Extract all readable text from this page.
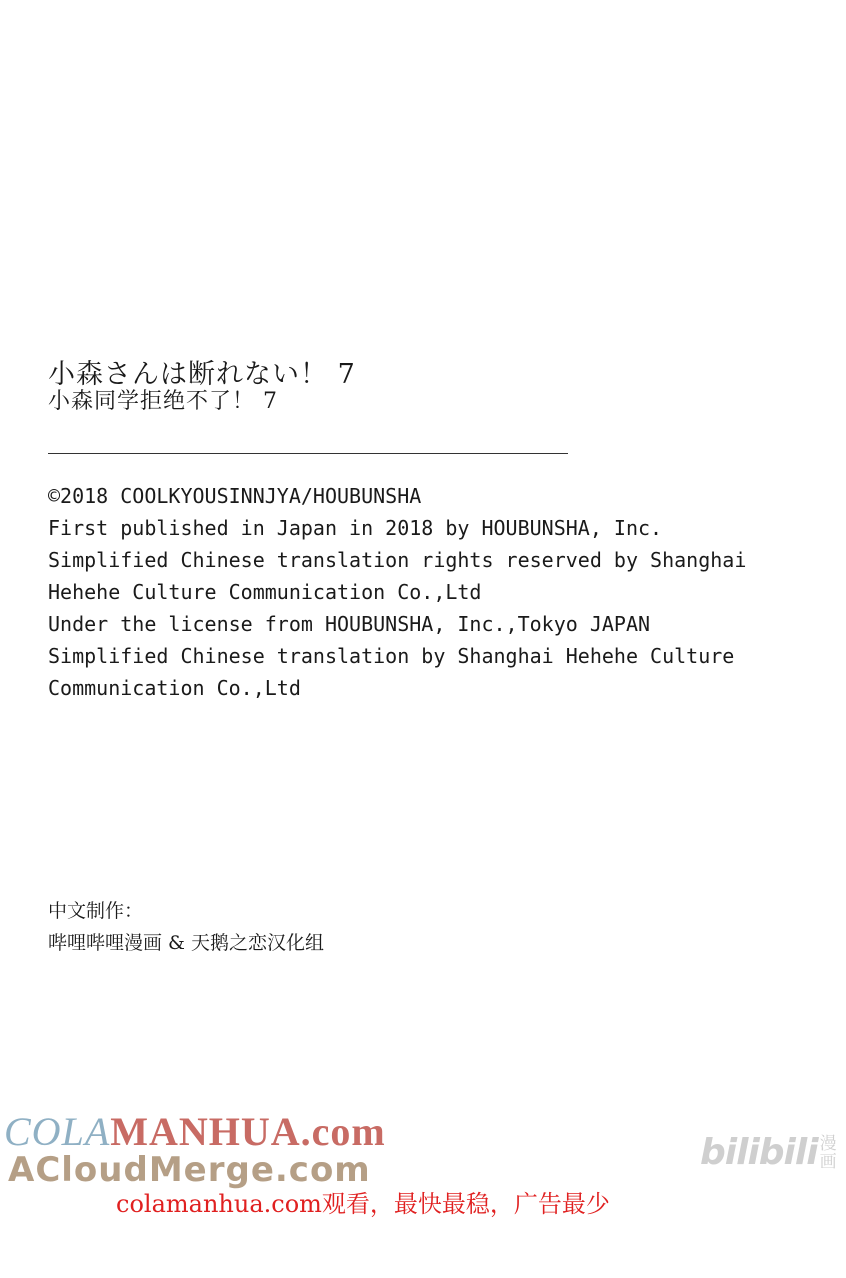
小森さんは断れない！ 7
小森同学拒绝不了！ 7
©2018 COOLKYOUSINNJYA/HOUBUNSHA
First published in Japan in 2018 by HOUBUNSHA, Inc.
Simplified Chinese translation rights reserved by Shanghai
Hehehe Culture Communication Co.,Ltd
Under the license from HOUBUNSHA, Inc.,Tokyo JAPAN
Simplified Chinese translation by Shanghai Hehehe Culture
Communication Co.,Ltd
中文制作：
哔哩哔哩漫画 & 天鹅之恋汉化组
COLAMANHUA.com
ACloudMerge.com
colamanhua.com观看，最快最稳，广告最少
bilibili 漫画
